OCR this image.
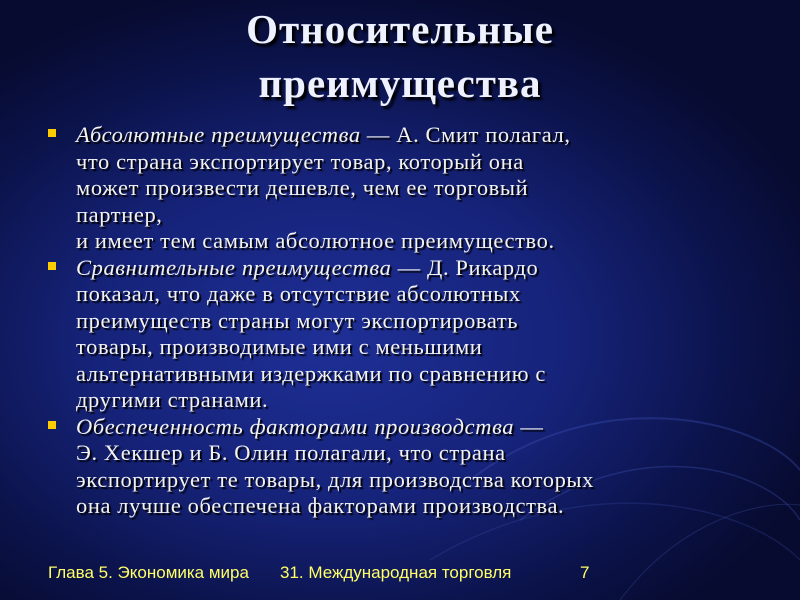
Относительные
преимущества
Абсолютные преимущества — А. Смит полагал,
что страна экспортирует товар, который она
может произвести дешевле, чем ее торговый
партнер,
и имеет тем самым абсолютное преимущество.
Сравнительные преимущества — Д. Рикардо
показал, что даже в отсутствие абсолютных
преимуществ страны могут экспортировать
товары, производимые ими с меньшими
альтернативными издержками по сравнению с
другими странами.
Обеспеченность факторами производства —
Э. Хекшер и Б. Олин полагали, что страна
экспортирует те товары, для производства которых
она лучше обеспечена факторами производства.
Глава 5. Экономика мира 31. Международная торговля	7
